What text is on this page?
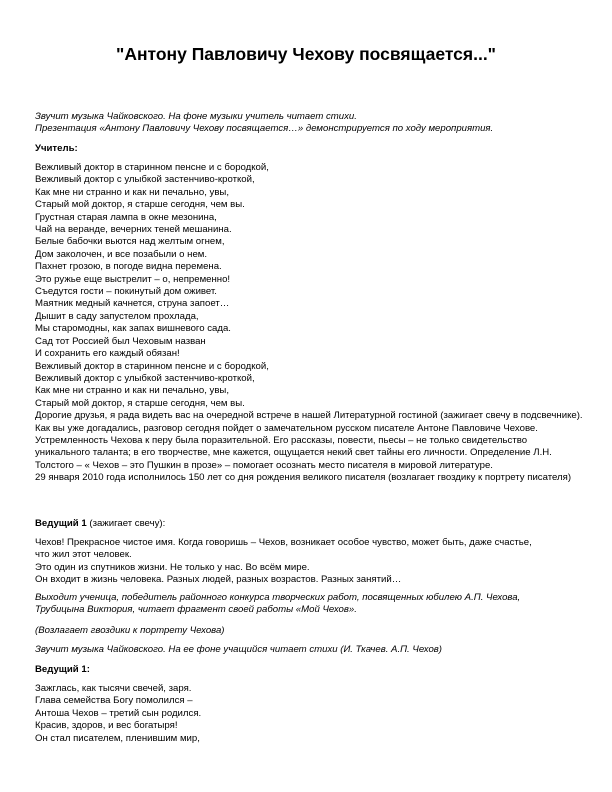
"Антону Павловичу Чехову посвящается..."
Звучит музыка Чайковского. На фоне музыки учитель читает стихи.
Презентация «Антону Павловичу Чехову посвящается…» демонстрируется по ходу мероприятия.
Учитель:
Вежливый доктор в старинном пенсне и с бородкой,
Вежливый доктор с улыбкой застенчиво-кроткой,
Как мне ни странно и как ни печально, увы,
Старый мой доктор, я старше сегодня, чем вы.
Грустная старая лампа в окне мезонина,
Чай на веранде, вечерних теней мешанина.
Белые бабочки вьются над желтым огнем,
Дом заколочен, и все позабыли о нем.
Пахнет грозою, в погоде видна перемена.
Это ружье еще выстрелит – о, непременно!
Съедутся гости – покинутый дом оживет.
Маятник медный качнется, струна запоет…
Дышит в саду запустелом прохлада,
Мы старомодны, как запах вишневого сада.
Сад тот Россией был Чеховым назван
И сохранить его каждый обязан!
Вежливый доктор в старинном пенсне и с бородкой,
Вежливый доктор с улыбкой застенчиво-кроткой,
Как мне ни странно и как ни печально, увы,
Старый мой доктор, я старше сегодня, чем вы.
Дорогие друзья, я рада видеть вас на очередной встрече в нашей Литературной гостиной (зажигает свечу в подсвечнике). Как вы уже догадались, разговор сегодня пойдет о замечательном русском писателе Антоне Павловиче Чехове.
Устремленность Чехова к перу была поразительной. Его рассказы, повести, пьесы – не только свидетельство уникального таланта; в его творчестве, мне кажется, ощущается некий свет тайны его личности. Определение Л.Н. Толстого – « Чехов – это Пушкин в прозе» – помогает осознать место писателя в мировой литературе.
29 января 2010 года исполнилось 150 лет со дня рождения великого писателя (возлагает гвоздику к портрету писателя)
Ведущий 1 (зажигает свечу):
Чехов! Прекрасное чистое имя. Когда говоришь – Чехов, возникает особое чувство, может быть, даже счастье,
что жил этот человек.
Это один из спутников жизни. Не только у нас. Во всём мире.
Он входит в жизнь человека. Разных людей, разных возрастов. Разных занятий…
Выходит ученица, победитель районного конкурса творческих работ, посвященных юбилею А.П. Чехова,
Трубицына Виктория, читает фрагмент своей работы «Мой Чехов».
(Возлагает гвоздики к портрету Чехова)
Звучит музыка Чайковского. На ее фоне учащийся читает стихи (И. Ткачев. А.П. Чехов)
Ведущий 1:
Зажглась, как тысячи свечей, заря.
Глава семейства Богу помолился –
Антоша Чехов – третий сын родился.
Красив, здоров, и вес богатыря!
Он стал писателем, пленившим мир,
